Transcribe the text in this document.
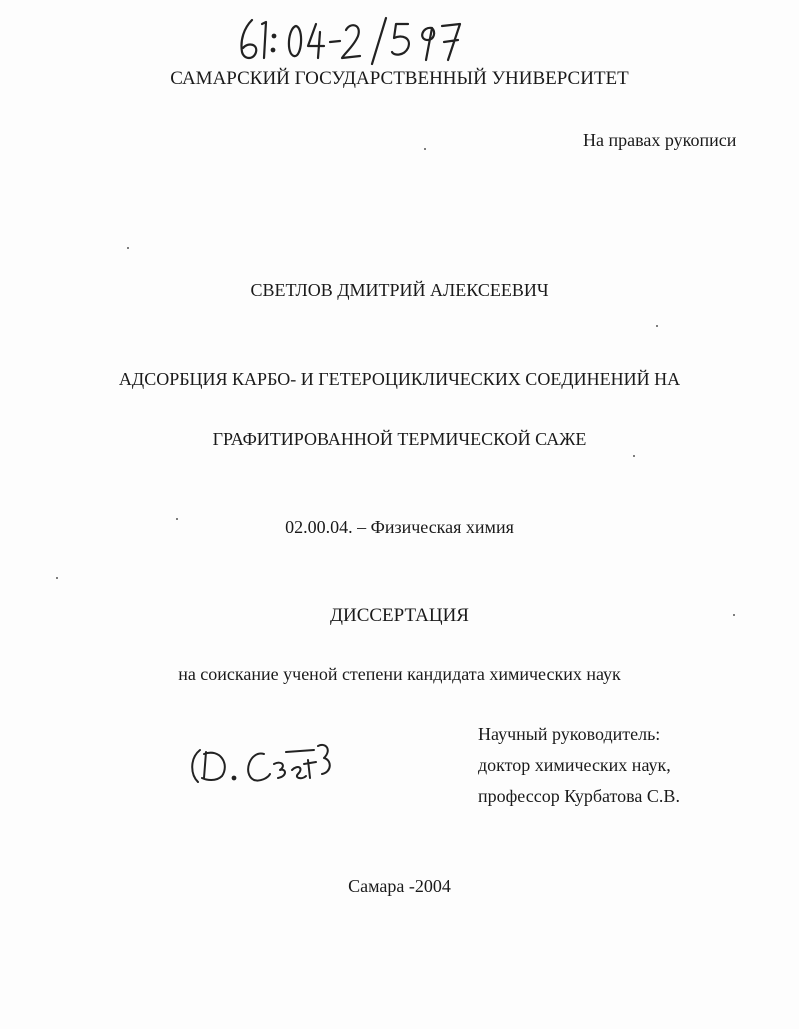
САМАРСКИЙ ГОСУДАРСТВЕННЫЙ УНИВЕРСИТЕТ
На правах рукописи
СВЕТЛОВ ДМИТРИЙ АЛЕКСЕЕВИЧ
АДСОРБЦИЯ КАРБО- И ГЕТЕРОЦИКЛИЧЕСКИХ СОЕДИНЕНИЙ НА
ГРАФИТИРОВАННОЙ ТЕРМИЧЕСКОЙ САЖЕ
02.00.04. – Физическая химия
ДИССЕРТАЦИЯ
на соискание ученой степени кандидата химических наук
Научный руководитель:
доктор химических наук,
профессор Курбатова С.В.
Самара -2004
